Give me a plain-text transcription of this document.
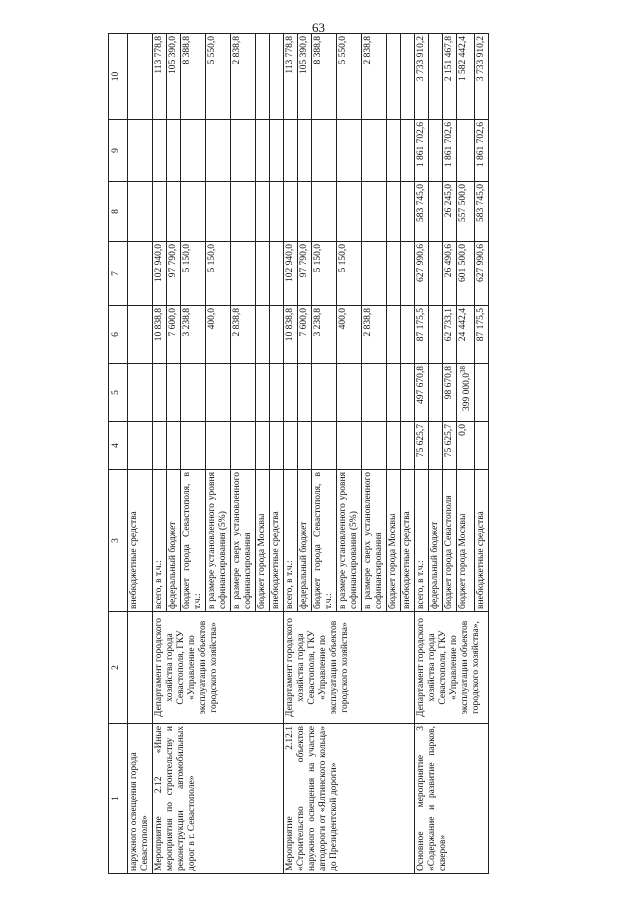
63
1	2	3	4	5	6	7	8	9	10
наружного освещения города Севастополя»		внебюджетные средства							
Мероприятие 2.12 «Иные мероприятия по строительству и реконструкции автомобильных дорог в г. Севастополе»	Департамент городского хозяйства города Севастополя, ГКУ «Управление по эксплуатации объектов городского хозяйства»	всего, в т.ч.:			10 838,8	102 940,0			113 778,8
		федеральный бюджет			7 600,0	97 790,0			105 390,0
		бюджет города Севастополя, в т.ч.:			3 238,8	5 150,0			8 388,8
		в размере установленного уровня софинансирования (5%)			400,0	5 150,0			5 550,0
		в размере сверх установленного софинансирования			2 838,8				2 838,8
		бюджет города Москвы							
		внебюджетные средства							
Мероприятие 2.12.1 «Строительство объектов наружного освещения на участке автодороги от «Ялтинского кольца» до Президентской дороги»	Департамент городского хозяйства города Севастополя, ГКУ «Управление по эксплуатации объектов городского хозяйства»	всего, в т.ч.:			10 838,8	102 940,0			113 778,8
		федеральный бюджет			7 600,0	97 790,0			105 390,0
		бюджет города Севастополя, в т.ч.:			3 238,8	5 150,0			8 388,8
		в размере установленного уровня софинансирования (5%)			400,0	5 150,0			5 550,0
		в размере сверх установленного софинансирования			2 838,8				2 838,8
		бюджет города Москвы							
		внебюджетные средства							
Основное мероприятие 3 «Содержание и развитие парков, скверов»	Департамент городского хозяйства города Севастополя, ГКУ «Управление по эксплуатации объектов городского хозяйства»,	всего, в т.ч.:	75 625,7	497 670,8	87 175,5	627 990,6	583 745,0	1 861 702,6	3 733 910,2
		федеральный бюджет							
		бюджет города Севастополя	75 625,7	98 670,8	62 733,1	26 490,6	26 245,0	1 861 702,6	2 151 467,8
		бюджет города Москвы	0,0	399 000,0$^{38}$	24 442,4	601 500,0	557 500,0		1 582 442,4
		внебюджетные средства			87 175,5	627 990,6	583 745,0	1 861 702,6	3 733 910,2
